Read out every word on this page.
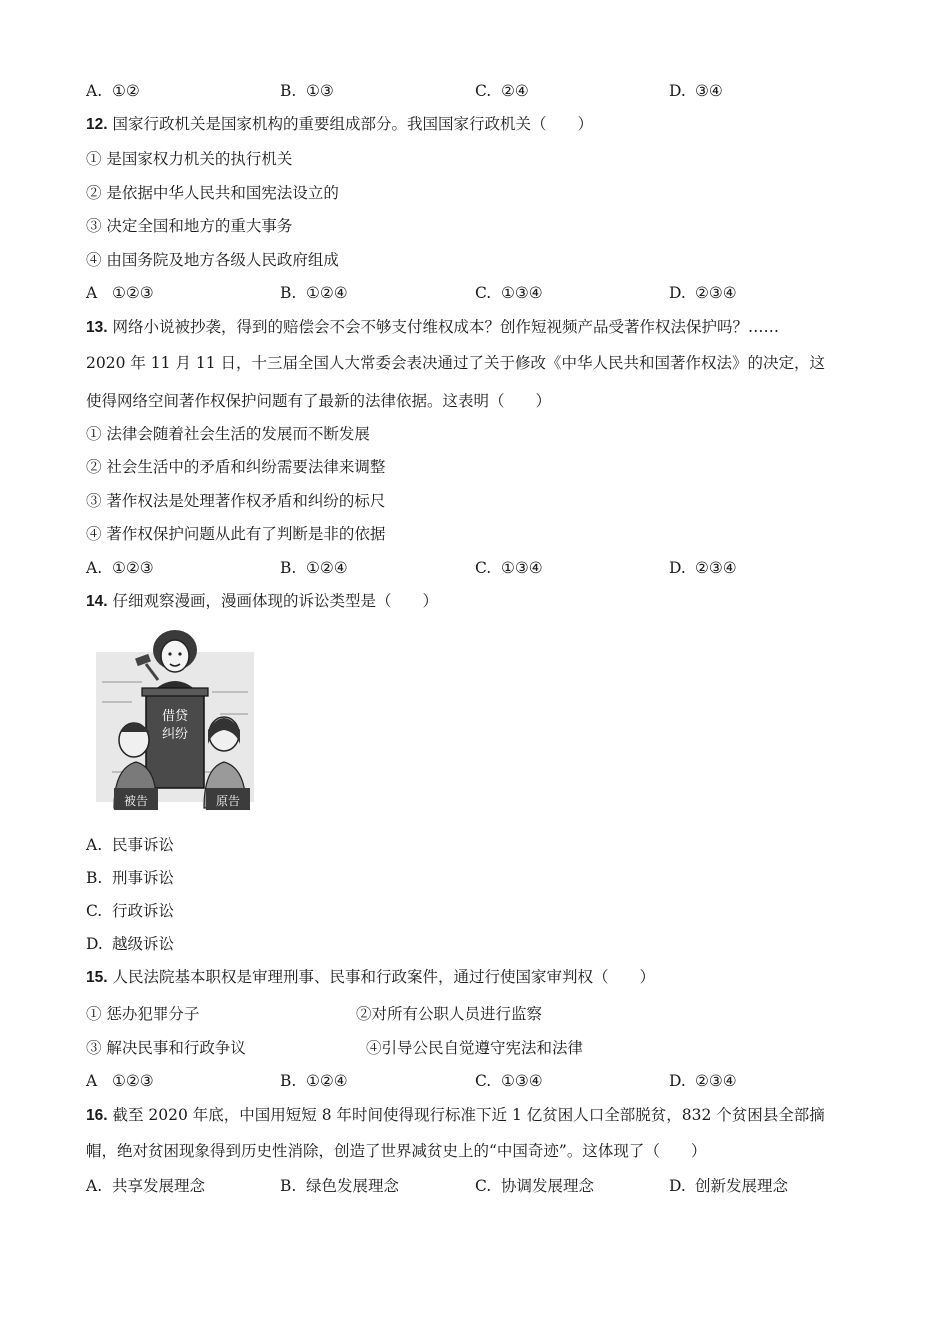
A. ①②	B. ①③	C. ②④	D. ③④
12. 国家行政机关是国家机构的重要组成部分。我国国家行政机关（　　）
① 是国家权力机关的执行机关
② 是依据中华人民共和国宪法设立的
③ 决定全国和地方的重大事务
④ 由国务院及地方各级人民政府组成
A ①②③	B. ①②④	C. ①③④	D. ②③④
13. 网络小说被抄袭，得到的赔偿会不会不够支付维权成本？创作短视频产品受著作权法保护吗？……
2020 年 11 月 11 日，十三届全国人大常委会表决通过了关于修改《中华人民共和国著作权法》的决定，这
使得网络空间著作权保护问题有了最新的法律依据。这表明（　　）
① 法律会随着社会生活的发展而不断发展
② 社会生活中的矛盾和纠纷需要法律来调整
③ 著作权法是处理著作权矛盾和纠纷的标尺
④ 著作权保护问题从此有了判断是非的依据
A. ①②③	B. ①②④	C. ①③④	D. ②③④
14. 仔细观察漫画，漫画体现的诉讼类型是（　　）
借贷
纠纷
被告	原告
A. 民事诉讼
B. 刑事诉讼
C. 行政诉讼
D. 越级诉讼
15. 人民法院基本职权是审理刑事、民事和行政案件，通过行使国家审判权（　　）
① 惩办犯罪分子	②对所有公职人员进行监察
③ 解决民事和行政争议	④引导公民自觉遵守宪法和法律
A ①②③	B. ①②④	C. ①③④	D. ②③④
16. 截至 2020 年底，中国用短短 8 年时间使得现行标准下近 1 亿贫困人口全部脱贫，832 个贫困县全部摘
帽，绝对贫困现象得到历史性消除，创造了世界减贫史上的“中国奇迹”。这体现了（　　）
A. 共享发展理念	B. 绿色发展理念	C. 协调发展理念	D. 创新发展理念
